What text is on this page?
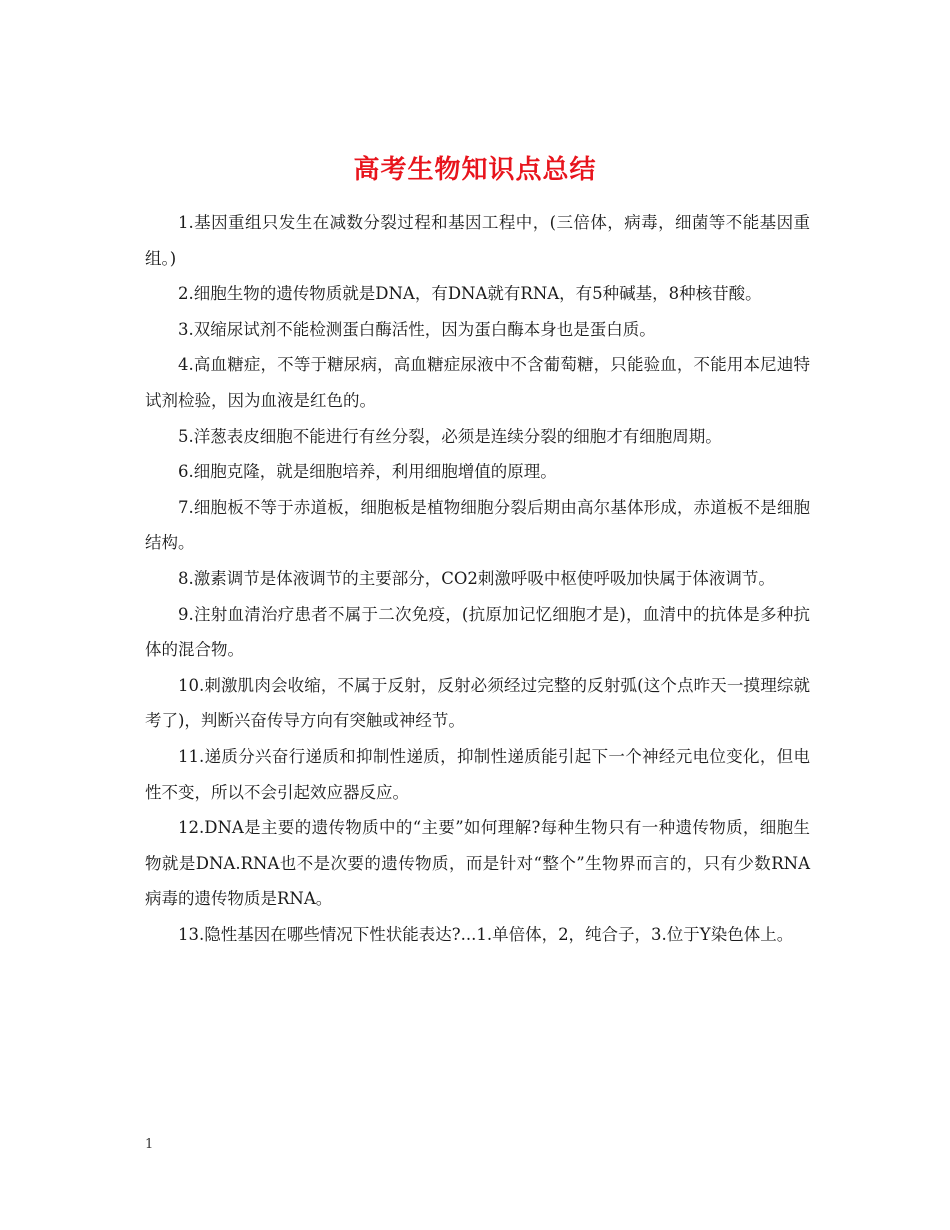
高考生物知识点总结

1.基因重组只发生在减数分裂过程和基因工程中，(三倍体，病毒，细菌等不能基因重组。)

2.细胞生物的遗传物质就是DNA，有DNA就有RNA，有5种碱基，8种核苷酸。

3.双缩尿试剂不能检测蛋白酶活性，因为蛋白酶本身也是蛋白质。

4.高血糖症，不等于糖尿病，高血糖症尿液中不含葡萄糖，只能验血，不能用本尼迪特试剂检验，因为血液是红色的。

5.洋葱表皮细胞不能进行有丝分裂，必须是连续分裂的细胞才有细胞周期。

6.细胞克隆，就是细胞培养，利用细胞增值的原理。

7.细胞板不等于赤道板，细胞板是植物细胞分裂后期由高尔基体形成，赤道板不是细胞结构。

8.激素调节是体液调节的主要部分，CO2刺激呼吸中枢使呼吸加快属于体液调节。

9.注射血清治疗患者不属于二次免疫，(抗原加记忆细胞才是)，血清中的抗体是多种抗体的混合物。

10.刺激肌肉会收缩，不属于反射，反射必须经过完整的反射弧(这个点昨天一摸理综就考了)，判断兴奋传导方向有突触或神经节。

11.递质分兴奋行递质和抑制性递质，抑制性递质能引起下一个神经元电位变化，但电性不变，所以不会引起效应器反应。

12.DNA是主要的遗传物质中的“主要”如何理解?每种生物只有一种遗传物质，细胞生物就是DNA.RNA也不是次要的遗传物质，而是针对“整个”生物界而言的，只有少数RNA病毒的遗传物质是RNA。

13.隐性基因在哪些情况下性状能表达?...1.单倍体，2，纯合子，3.位于Y染色体上。

1
